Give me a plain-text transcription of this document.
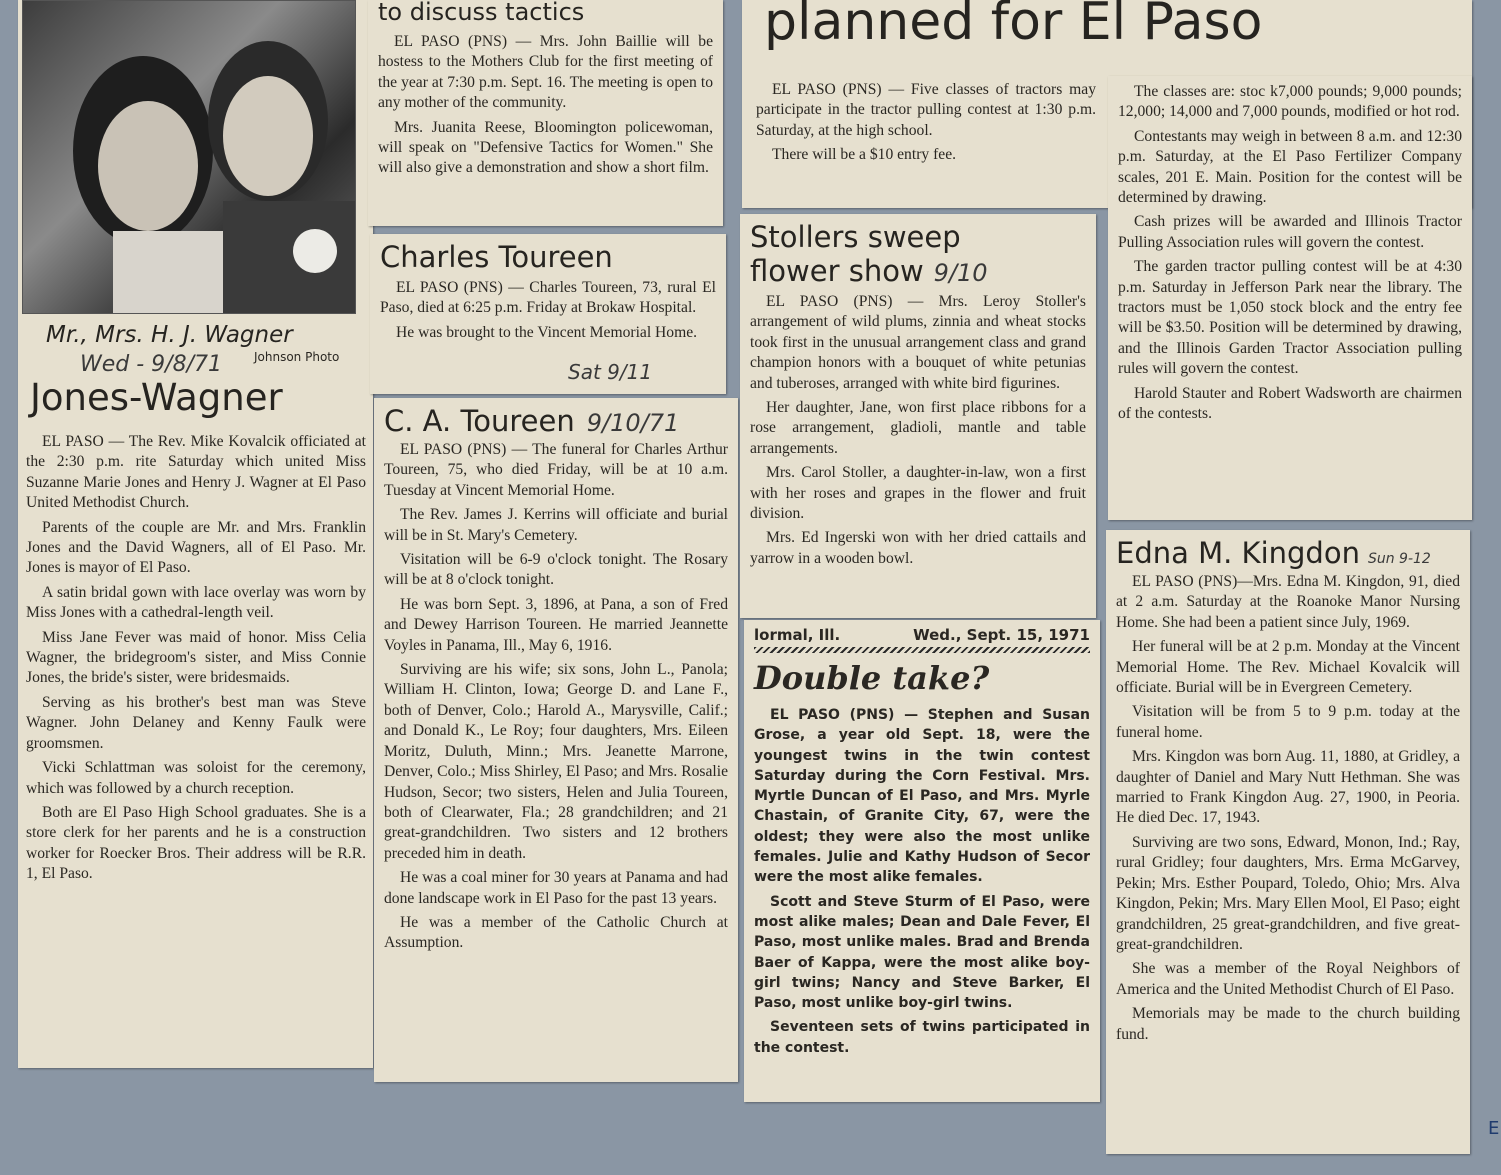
Mr., Mrs. H. J. Wagner
Wed - 9/8/71	Johnson Photo
Jones-Wagner

EL PASO — The Rev. Mike Kovalcik officiated at the 2:30 p.m. rite Saturday which united Miss Suzanne Marie Jones and Henry J. Wagner at El Paso United Methodist Church.

Parents of the couple are Mr. and Mrs. Franklin Jones and the David Wagners, all of El Paso. Mr. Jones is mayor of El Paso.

A satin bridal gown with lace overlay was worn by Miss Jones with a cathedral-length veil.

Miss Jane Fever was maid of honor. Miss Celia Wagner, the bridegroom's sister, and Miss Connie Jones, the bride's sister, were bridesmaids.

Serving as his brother's best man was Steve Wagner. John Delaney and Kenny Faulk were groomsmen.

Vicki Schlattman was soloist for the ceremony, which was followed by a church reception.

Both are El Paso High School graduates. She is a store clerk for her parents and he is a construction worker for Roecker Bros. Their address will be R.R. 1, El Paso.

to discuss tactics

EL PASO (PNS) — Mrs. John Baillie will be hostess to the Mothers Club for the first meeting of the year at 7:30 p.m. Sept. 16. The meeting is open to any mother of the community.

Mrs. Juanita Reese, Bloomington policewoman, will speak on "Defensive Tactics for Women." She will also give a demonstration and show a short film.

Charles Toureen

EL PASO (PNS) — Charles Toureen, 73, rural El Paso, died at 6:25 p.m. Friday at Brokaw Hospital.

He was brought to the Vincent Memorial Home.

Sat 9/11
C. A. Toureen 9/10/71

EL PASO (PNS) — The funeral for Charles Arthur Toureen, 75, who died Friday, will be at 10 a.m. Tuesday at Vincent Memorial Home.

The Rev. James J. Kerrins will officiate and burial will be in St. Mary's Cemetery.

Visitation will be 6-9 o'clock tonight. The Rosary will be at 8 o'clock tonight.

He was born Sept. 3, 1896, at Pana, a son of Fred and Dewey Harrison Toureen. He married Jeannette Voyles in Panama, Ill., May 6, 1916.

Surviving are his wife; six sons, John L., Panola; William H. Clinton, Iowa; George D. and Lane F., both of Denver, Colo.; Harold A., Marysville, Calif.; and Donald K., Le Roy; four daughters, Mrs. Eileen Moritz, Duluth, Minn.; Mrs. Jeanette Marrone, Denver, Colo.; Miss Shirley, El Paso; and Mrs. Rosalie Hudson, Secor; two sisters, Helen and Julia Toureen, both of Clearwater, Fla.; 28 grandchildren; and 21 great-grandchildren. Two sisters and 12 brothers preceded him in death.

He was a coal miner for 30 years at Panama and had done landscape work in El Paso for the past 13 years.

He was a member of the Catholic Church at Assumption.

planned for El Paso

EL PASO (PNS) — Five classes of tractors may participate in the tractor pulling contest at 1:30 p.m. Saturday, at the high school.

There will be a $10 entry fee.

The classes are: stoc k7,000 pounds; 9,000 pounds; 12,000; 14,000 and 7,000 pounds, modified or hot rod.

Contestants may weigh in between 8 a.m. and 12:30 p.m. Saturday, at the El Paso Fertilizer Company scales, 201 E. Main. Position for the contest will be determined by drawing.

Cash prizes will be awarded and Illinois Tractor Pulling Association rules will govern the contest.

The garden tractor pulling contest will be at 4:30 p.m. Saturday in Jefferson Park near the library. The tractors must be 1,050 stock block and the entry fee will be $3.50. Position will be determined by drawing, and the Illinois Garden Tractor Association pulling rules will govern the contest.

Harold Stauter and Robert Wadsworth are chairmen of the contests.

Stollers sweep
flower show 9/10

EL PASO (PNS) — Mrs. Leroy Stoller's arrangement of wild plums, zinnia and wheat stocks took first in the unusual arrangement class and grand champion honors with a bouquet of white petunias and tuberoses, arranged with white bird figurines.

Her daughter, Jane, won first place ribbons for a rose arrangement, gladioli, mantle and table arrangements.

Mrs. Carol Stoller, a daughter-in-law, won a first with her roses and grapes in the flower and fruit division.

Mrs. Ed Ingerski won with her dried cattails and yarrow in a wooden bowl.

lormal, Ill.	Wed., Sept. 15, 1971
Double take?

EL PASO (PNS) — Stephen and Susan Grose, a year old Sept. 18, were the youngest twins in the twin contest Saturday during the Corn Festival. Mrs. Myrtle Duncan of El Paso, and Mrs. Myrle Chastain, of Granite City, 67, were the oldest; they were also the most unlike females. Julie and Kathy Hudson of Secor were the most alike females.

Scott and Steve Sturm of El Paso, were most alike males; Dean and Dale Fever, El Paso, most unlike males. Brad and Brenda Baer of Kappa, were the most alike boy-girl twins; Nancy and Steve Barker, El Paso, most unlike boy-girl twins.

Seventeen sets of twins participated in the contest.

Edna M. Kingdon Sun 9-12

EL PASO (PNS)—Mrs. Edna M. Kingdon, 91, died at 2 a.m. Saturday at the Roanoke Manor Nursing Home. She had been a patient since July, 1969.

Her funeral will be at 2 p.m. Monday at the Vincent Memorial Home. The Rev. Michael Kovalcik will officiate. Burial will be in Evergreen Cemetery.

Visitation will be from 5 to 9 p.m. today at the funeral home.

Mrs. Kingdon was born Aug. 11, 1880, at Gridley, a daughter of Daniel and Mary Nutt Hethman. She was married to Frank Kingdon Aug. 27, 1900, in Peoria. He died Dec. 17, 1943.

Surviving are two sons, Edward, Monon, Ind.; Ray, rural Gridley; four daughters, Mrs. Erma McGarvey, Pekin; Mrs. Esther Poupard, Toledo, Ohio; Mrs. Alva Kingdon, Pekin; Mrs. Mary Ellen Mool, El Paso; eight grandchildren, 25 great-grandchildren, and five great-great-grandchildren.

She was a member of the Royal Neighbors of America and the United Methodist Church of El Paso.

Memorials may be made to the church building fund.

E
